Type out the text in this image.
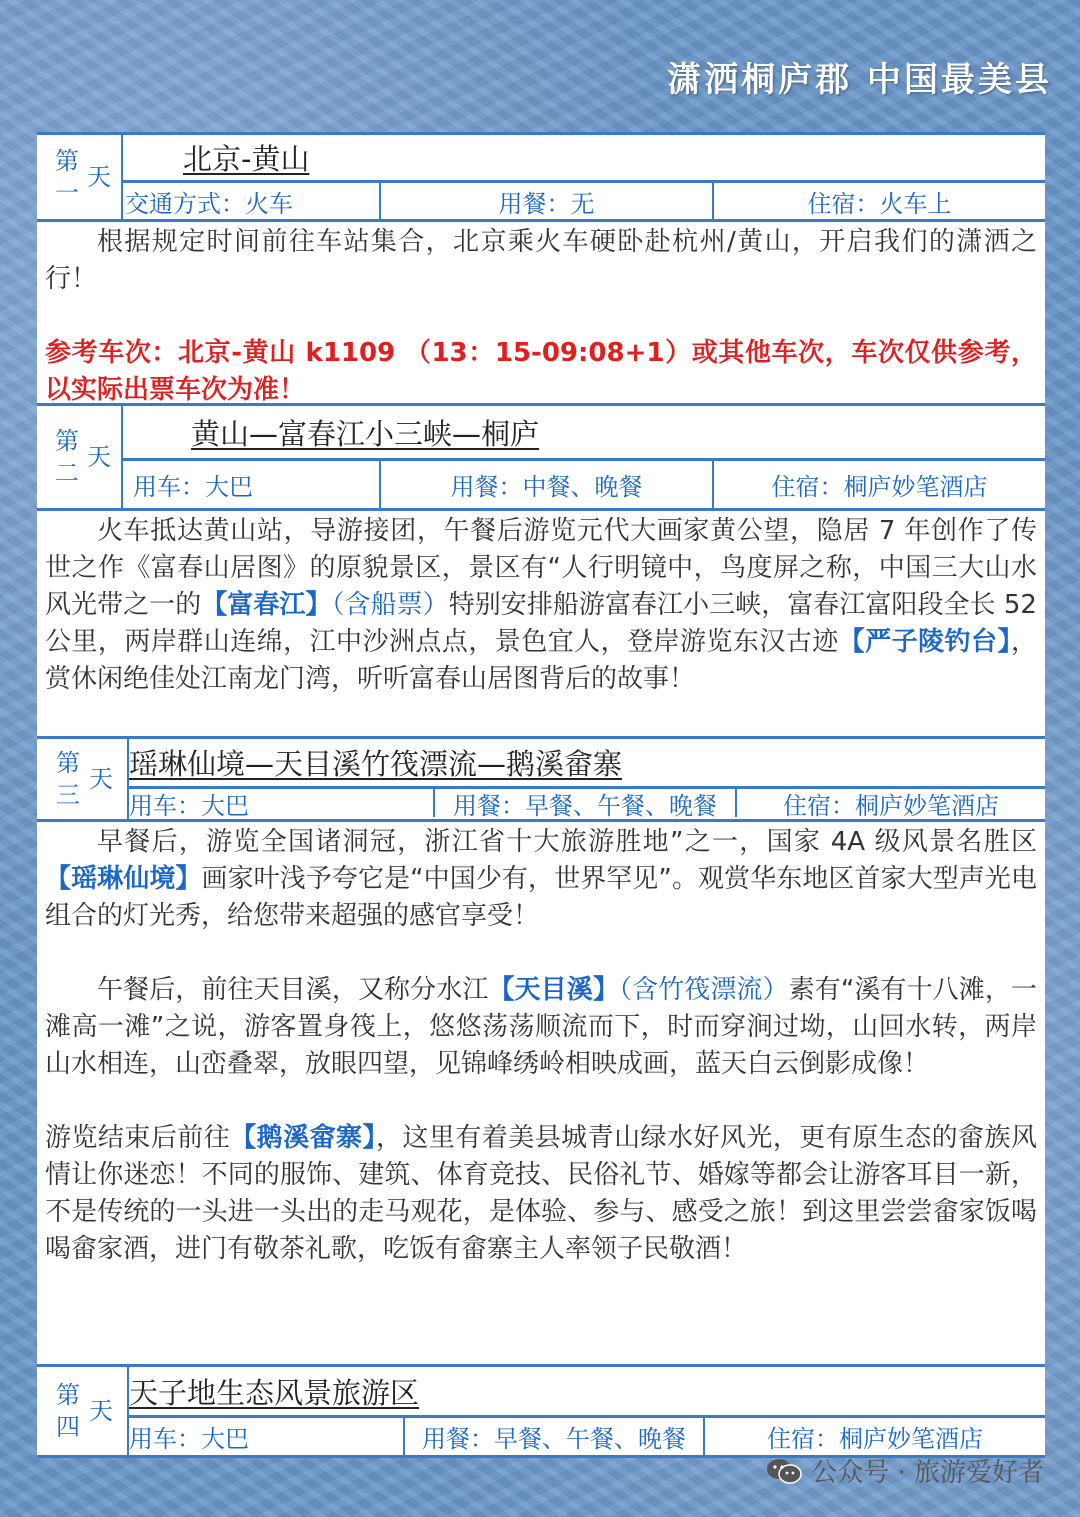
潇洒桐庐郡 中国最美县
第一

天
北京-黄山
交通方式：火车	用餐：无	住宿：火车上

根据规定时间前往车站集合，北京乘火车硬卧赴杭州/黄山，开启我们的潇洒之行！

参考车次：北京-黄山 k1109 （13：15-09:08+1）或其他车次，车次仅供参考，以实际出票车次为准！

第二

天
黄山—富春江小三峡—桐庐
用车：大巴	用餐：中餐、晚餐	住宿：桐庐妙笔酒店

火车抵达黄山站，导游接团，午餐后游览元代大画家黄公望，隐居 7 年创作了传世之作《富春山居图》的原貌景区，景区有“人行明镜中，鸟度屏之称，中国三大山水风光带之一的【富春江】（含船票）特别安排船游富春江小三峡，富春江富阳段全长 52 公里，两岸群山连绵，江中沙洲点点，景色宜人，登岸游览东汉古迹【严子陵钓台】，赏休闲绝佳处江南龙门湾，听听富春山居图背后的故事！

第三

天 瑶琳仙境—天目溪竹筏漂流—鹅溪畲寨
用车：大巴	用餐：早餐、午餐、晚餐	住宿：桐庐妙笔酒店

早餐后，游览全国诸洞冠，浙江省十大旅游胜地”之一，国家 4A 级风景名胜区【瑶琳仙境】画家叶浅予夸它是“中国少有，世界罕见”。观赏华东地区首家大型声光电组合的灯光秀，给您带来超强的感官享受！

午餐后，前往天目溪，又称分水江【天目溪】（含竹筏漂流）素有“溪有十八滩，一滩高一滩”之说，游客置身筏上，悠悠荡荡顺流而下，时而穿涧过坳，山回水转，两岸山水相连，山峦叠翠，放眼四望，见锦峰绣岭相映成画，蓝天白云倒影成像！

游览结束后前往【鹅溪畲寨】，这里有着美县城青山绿水好风光，更有原生态的畲族风情让你迷恋！不同的服饰、建筑、体育竞技、民俗礼节、婚嫁等都会让游客耳目一新，不是传统的一头进一头出的走马观花，是体验、参与、感受之旅！到这里尝尝畲家饭喝喝畲家酒，进门有敬茶礼歌，吃饭有畲寨主人率领子民敬酒！

第四

天
天子地生态风景旅游区
用车：大巴	用餐：早餐、午餐、晚餐	住宿：桐庐妙笔酒店
公众号 · 旅游爱好者
